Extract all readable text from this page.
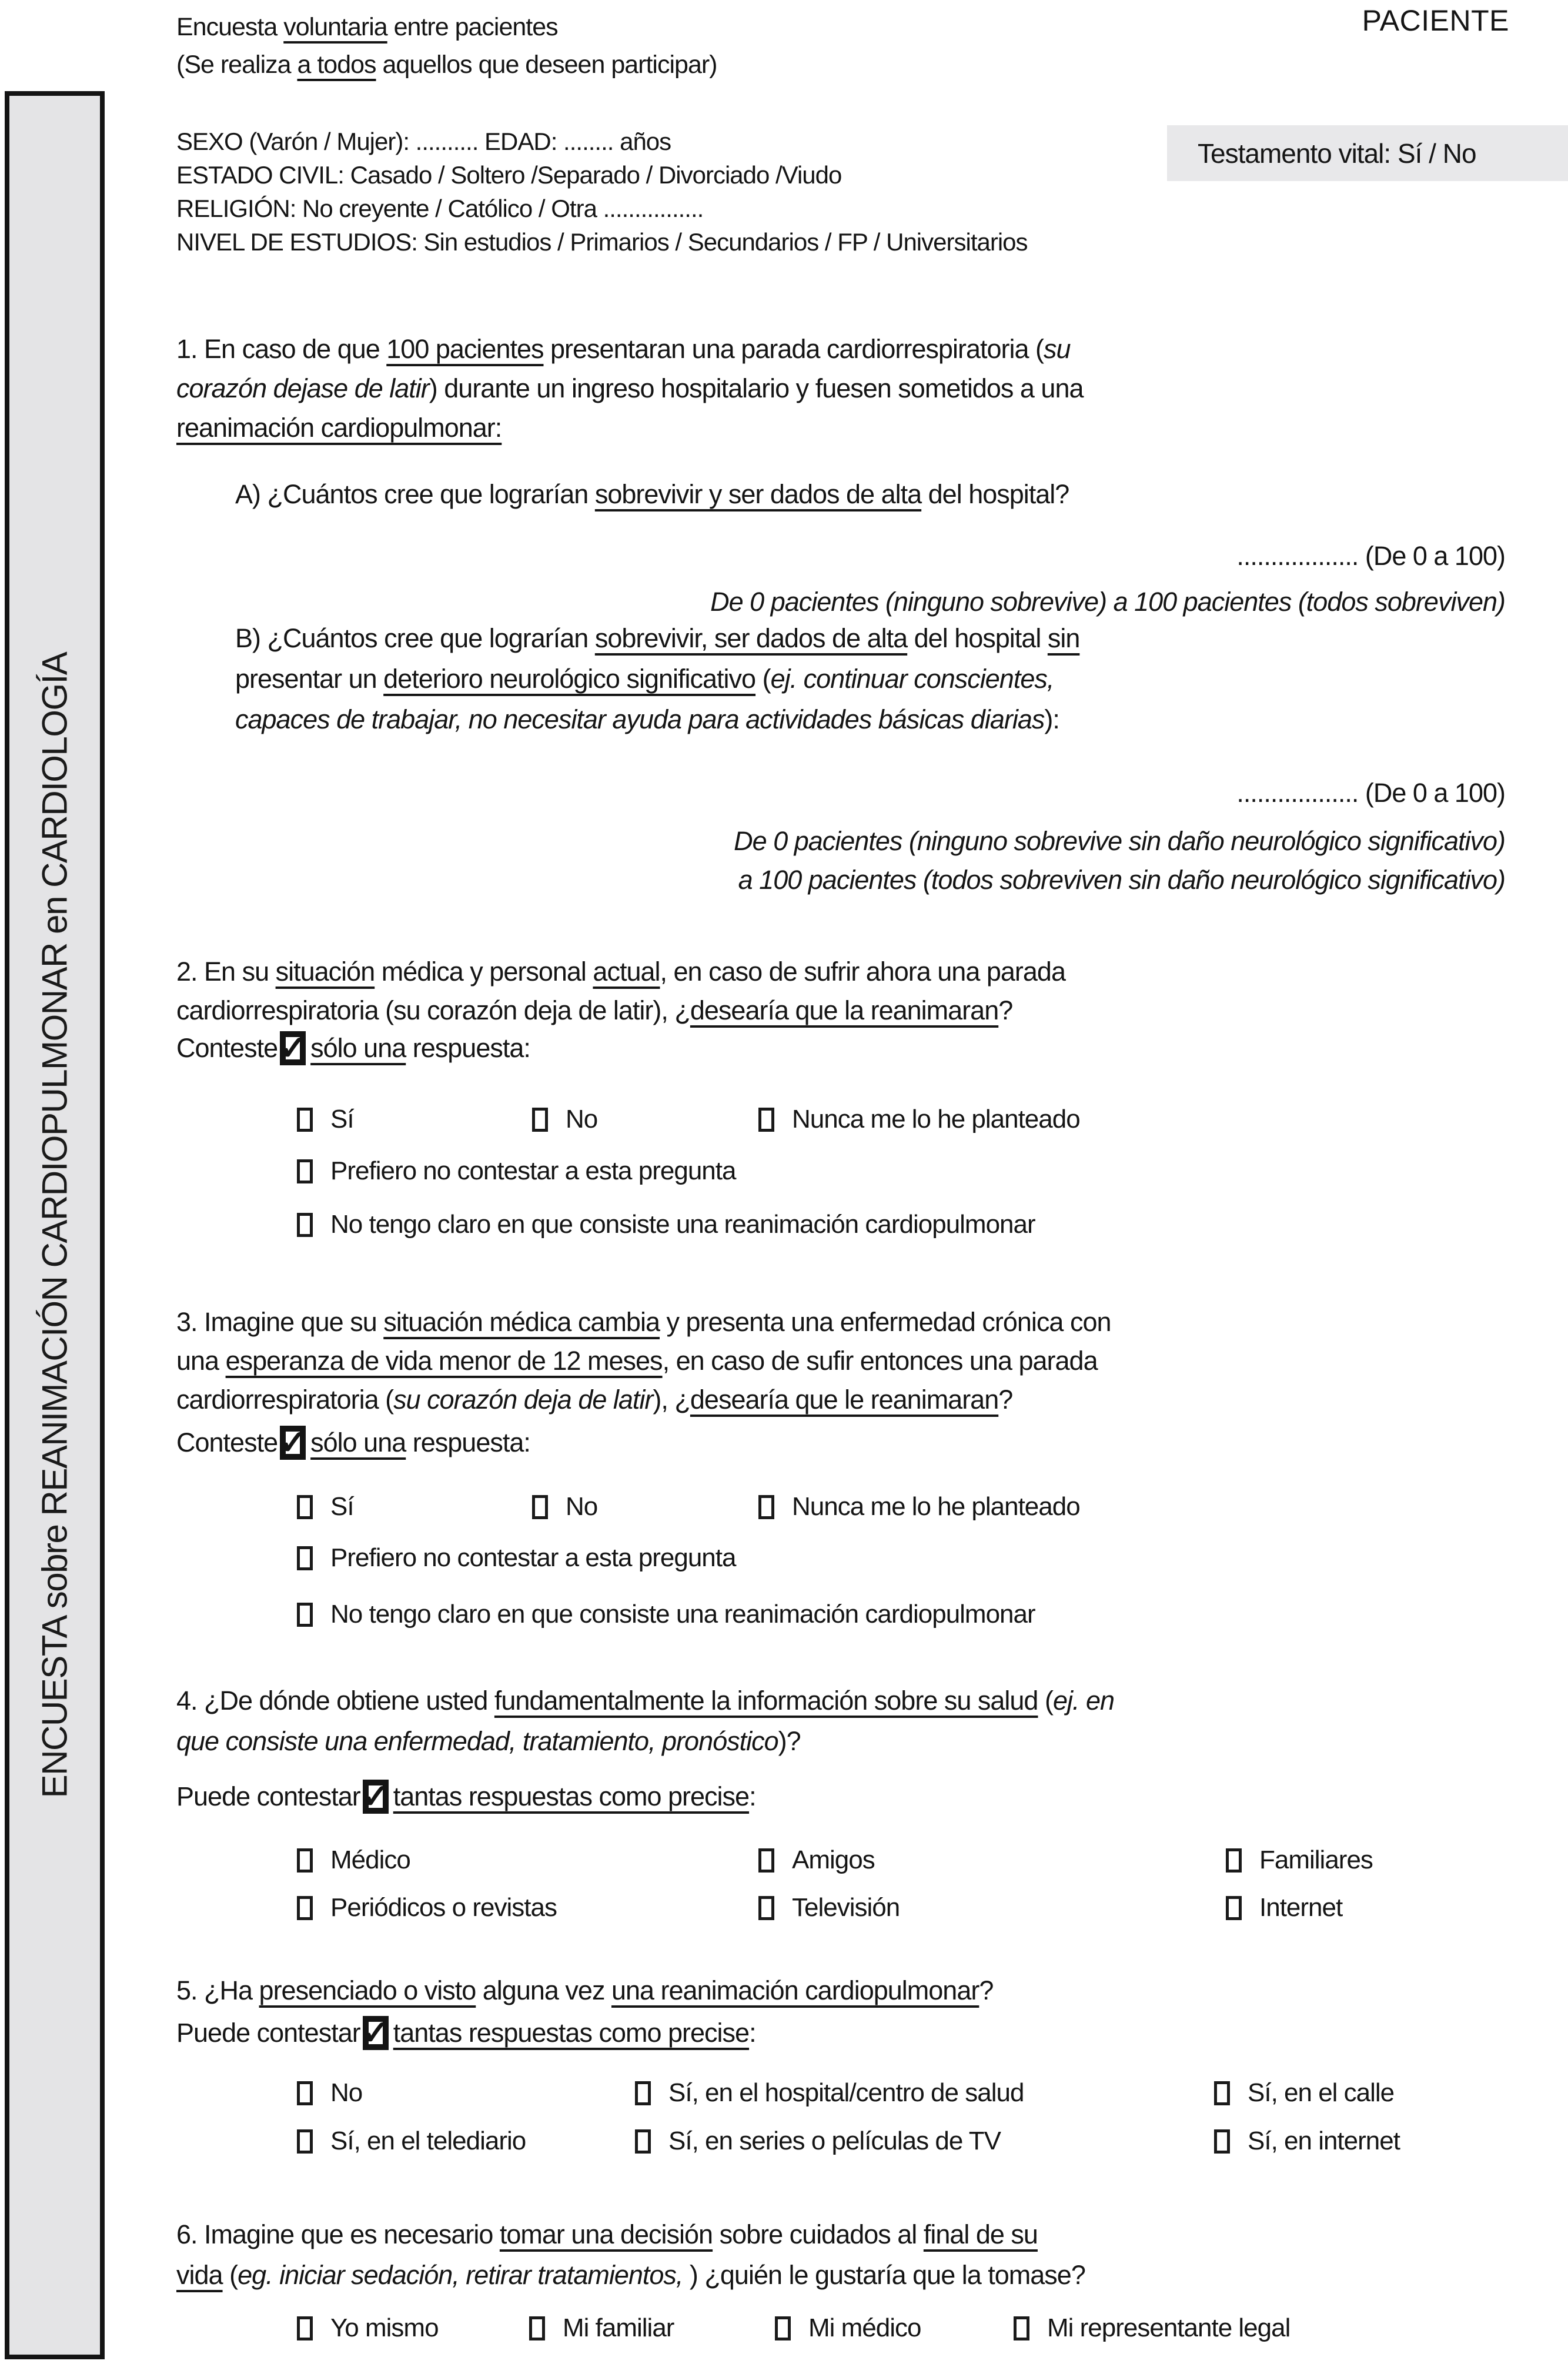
Encuesta voluntaria entre pacientes
(Se realiza a todos aquellos que deseen participar)
PACIENTE
ENCUESTA sobre REANIMACIÓN CARDIOPULMONAR en CARDIOLOGÍA
SEXO (Varón / Mujer): .......... EDAD: ........ años
ESTADO CIVIL: Casado / Soltero /Separado / Divorciado /Viudo
RELIGIÓN: No creyente / Católico / Otra ................
NIVEL DE ESTUDIOS: Sin estudios / Primarios / Secundarios / FP / Universitarios
Testamento vital: Sí / No
1. En caso de que 100 pacientes presentaran una parada cardiorrespiratoria (su
corazón dejase de latir) durante un ingreso hospitalario y fuesen sometidos a una
reanimación cardiopulmonar:
A) ¿Cuántos cree que lograrían sobrevivir y ser dados de alta del hospital?
.................. (De 0 a 100)
De 0 pacientes (ninguno sobrevive) a 100 pacientes (todos sobreviven)
B) ¿Cuántos cree que lograrían sobrevivir, ser dados de alta del hospital sin
presentar un deterioro neurológico significativo (ej. continuar conscientes,
capaces de trabajar, no necesitar ayuda para actividades básicas diarias):
.................. (De 0 a 100)
De 0 pacientes (ninguno sobrevive sin daño neurológico significativo)
a 100 pacientes (todos sobreviven sin daño neurológico significativo)
2. En su situación médica y personal actual, en caso de sufrir ahora una parada
cardiorrespiratoria (su corazón deja de latir), ¿desearía que la reanimaran?
Conteste ✓ sólo una respuesta:
Sí	No	Nunca me lo he planteado
Prefiero no contestar a esta pregunta
No tengo claro en que consiste una reanimación cardiopulmonar
3. Imagine que su situación médica cambia y presenta una enfermedad crónica con
una esperanza de vida menor de 12 meses, en caso de sufir entonces una parada
cardiorrespiratoria (su corazón deja de latir), ¿desearía que le reanimaran?
Conteste ✓ sólo una respuesta:
Sí	No	Nunca me lo he planteado
Prefiero no contestar a esta pregunta
No tengo claro en que consiste una reanimación cardiopulmonar
4. ¿De dónde obtiene usted fundamentalmente la información sobre su salud (ej. en
que consiste una enfermedad, tratamiento, pronóstico)?
Puede contestar ✓ tantas respuestas como precise:
Médico	Amigos	Familiares
Periódicos o revistas	Televisión	Internet
5. ¿Ha presenciado o visto alguna vez una reanimación cardiopulmonar?
Puede contestar ✓ tantas respuestas como precise:
No	Sí, en el hospital/centro de salud	Sí, en el calle
Sí, en el telediario	Sí, en series o películas de TV	Sí, en internet
6. Imagine que es necesario tomar una decisión sobre cuidados al final de su
vida (eg. iniciar sedación, retirar tratamientos, ) ¿quién le gustaría que la tomase?
Yo mismo	Mi familiar	Mi médico	Mi representante legal
